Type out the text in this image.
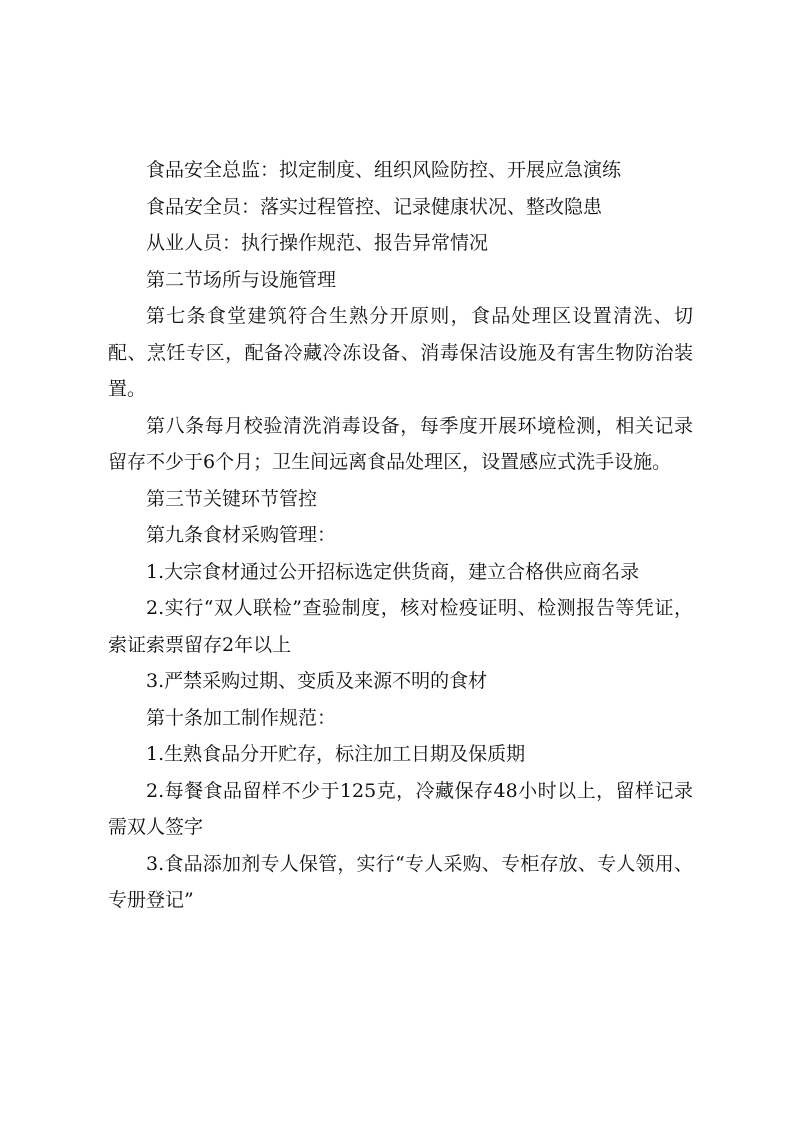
食品安全总监：拟定制度、组织风险防控、开展应急演练

食品安全员：落实过程管控、记录健康状况、整改隐患

从业人员：执行操作规范、报告异常情况

第二节场所与设施管理

第七条食堂建筑符合生熟分开原则，食品处理区设置清洗、切配、烹饪专区，配备冷藏冷冻设备、消毒保洁设施及有害生物防治装置。

第八条每月校验清洗消毒设备，每季度开展环境检测，相关记录留存不少于6个月；卫生间远离食品处理区，设置感应式洗手设施。

第三节关键环节管控

第九条食材采购管理：

1.大宗食材通过公开招标选定供货商，建立合格供应商名录

2.实行“双人联检”查验制度，核对检疫证明、检测报告等凭证，索证索票留存2年以上

3.严禁采购过期、变质及来源不明的食材

第十条加工制作规范：

1.生熟食品分开贮存，标注加工日期及保质期

2.每餐食品留样不少于125克，冷藏保存48小时以上，留样记录需双人签字

3.食品添加剂专人保管，实行“专人采购、专柜存放、专人领用、专册登记”
